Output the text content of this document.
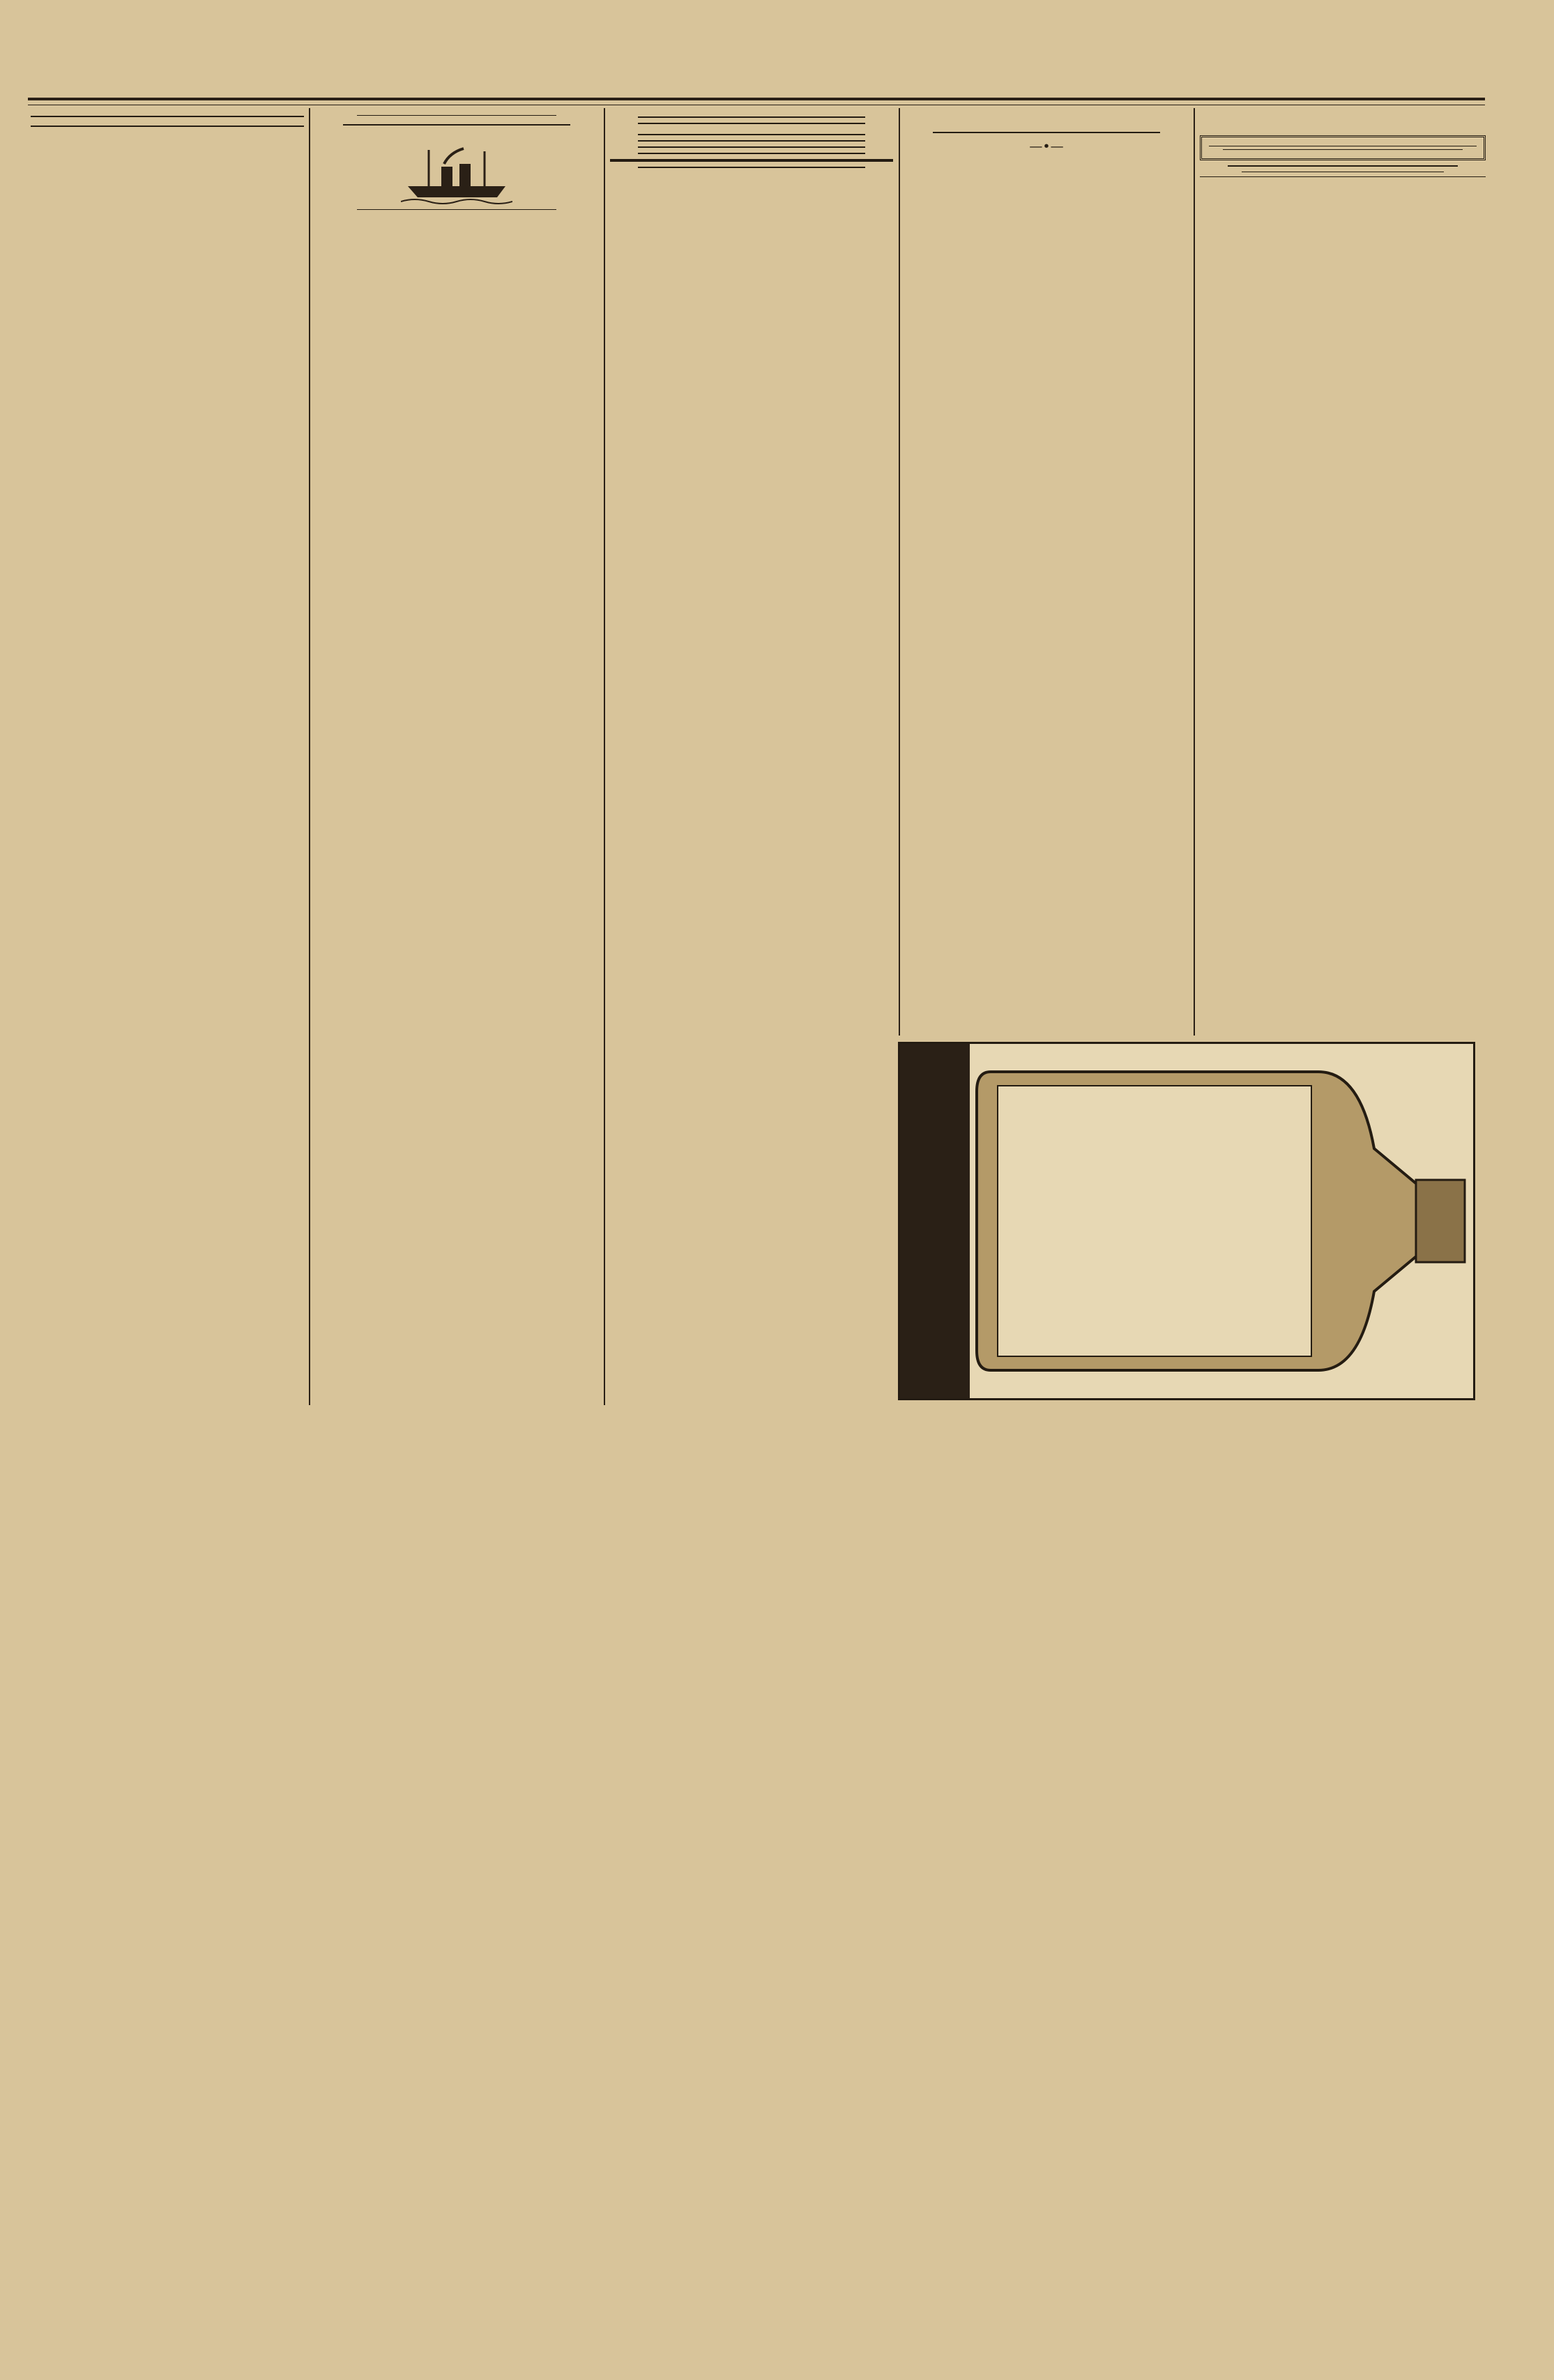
—•—
